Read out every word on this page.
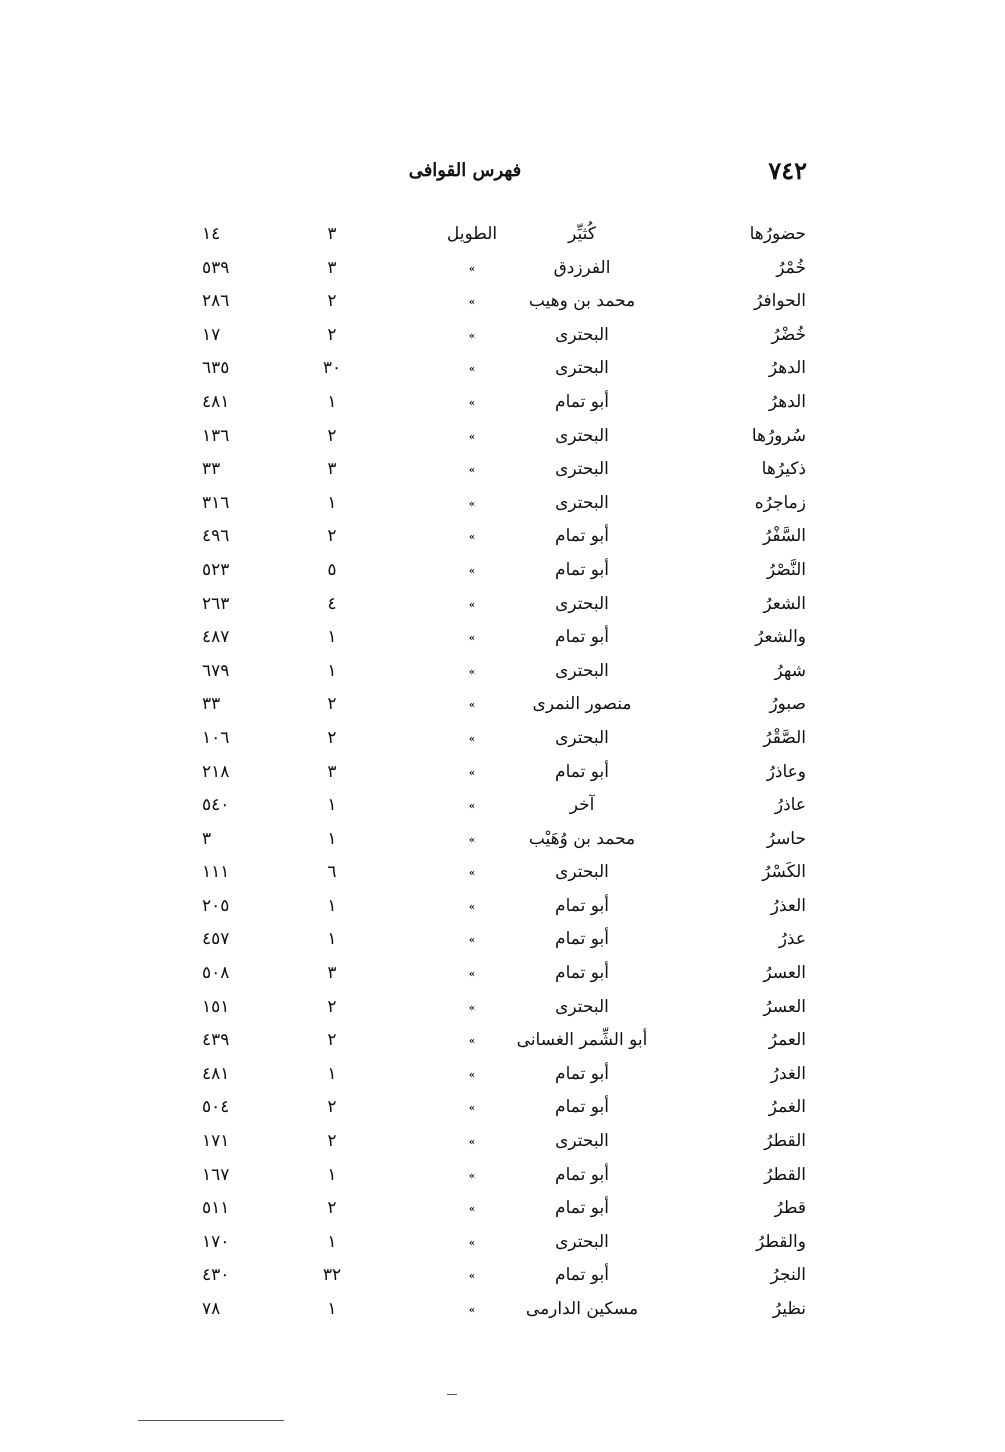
٧٤٢
فهرس القوافى
حضورُها
كُثيِّر
الطويل
٣
١٤
خُمْرُ
الفرزدق
»
٣
٥٣٩
الحوافرُ
محمد بن وهيب
»
٢
٢٨٦
خُضْرُ
البحترى
»
٢
١٧
الدهرُ
البحترى
»
٣٠
٦٣٥
الدهرُ
أبو تمام
»
١
٤٨١
سُرورُها
البحترى
»
٢
١٣٦
ذكيرُها
البحترى
»
٣
٣٣
زماجرُه
البحترى
»
١
٣١٦
السَّفْرُ
أبو تمام
»
٢
٤٩٦
النَّصْرُ
أبو تمام
»
٥
٥٢٣
الشعرُ
البحترى
»
٤
٢٦٣
والشعرُ
أبو تمام
»
١
٤٨٧
شهرُ
البحترى
»
١
٦٧٩
صبورُ
منصور النمرى
»
٢
٣٣
الصَّقْرُ
البحترى
»
٢
١٠٦
وعاذرُ
أبو تمام
»
٣
٢١٨
عاذرُ
آخر
»
١
٥٤٠
حاسرُ
محمد بن وُهَيْب
»
١
٣
الكَسْرُ
البحترى
»
٦
١١١
العذرُ
أبو تمام
»
١
٢٠٥
عذرُ
أبو تمام
»
١
٤٥٧
العسرُ
أبو تمام
»
٣
٥٠٨
العسرُ
البحترى
»
٢
١٥١
العمرُ
أبو الشِّمر الغسانى
»
٢
٤٣٩
الغدرُ
أبو تمام
»
١
٤٨١
الغمرُ
أبو تمام
»
٢
٥٠٤
القطرُ
البحترى
»
٢
١٧١
القطرُ
أبو تمام
»
١
١٦٧
قطرُ
أبو تمام
»
٢
٥١١
والقطرُ
البحترى
»
١
١٧٠
النجرُ
أبو تمام
»
٣٢
٤٣٠
نظيرُ
مسكين الدارمى
»
١
٧٨
